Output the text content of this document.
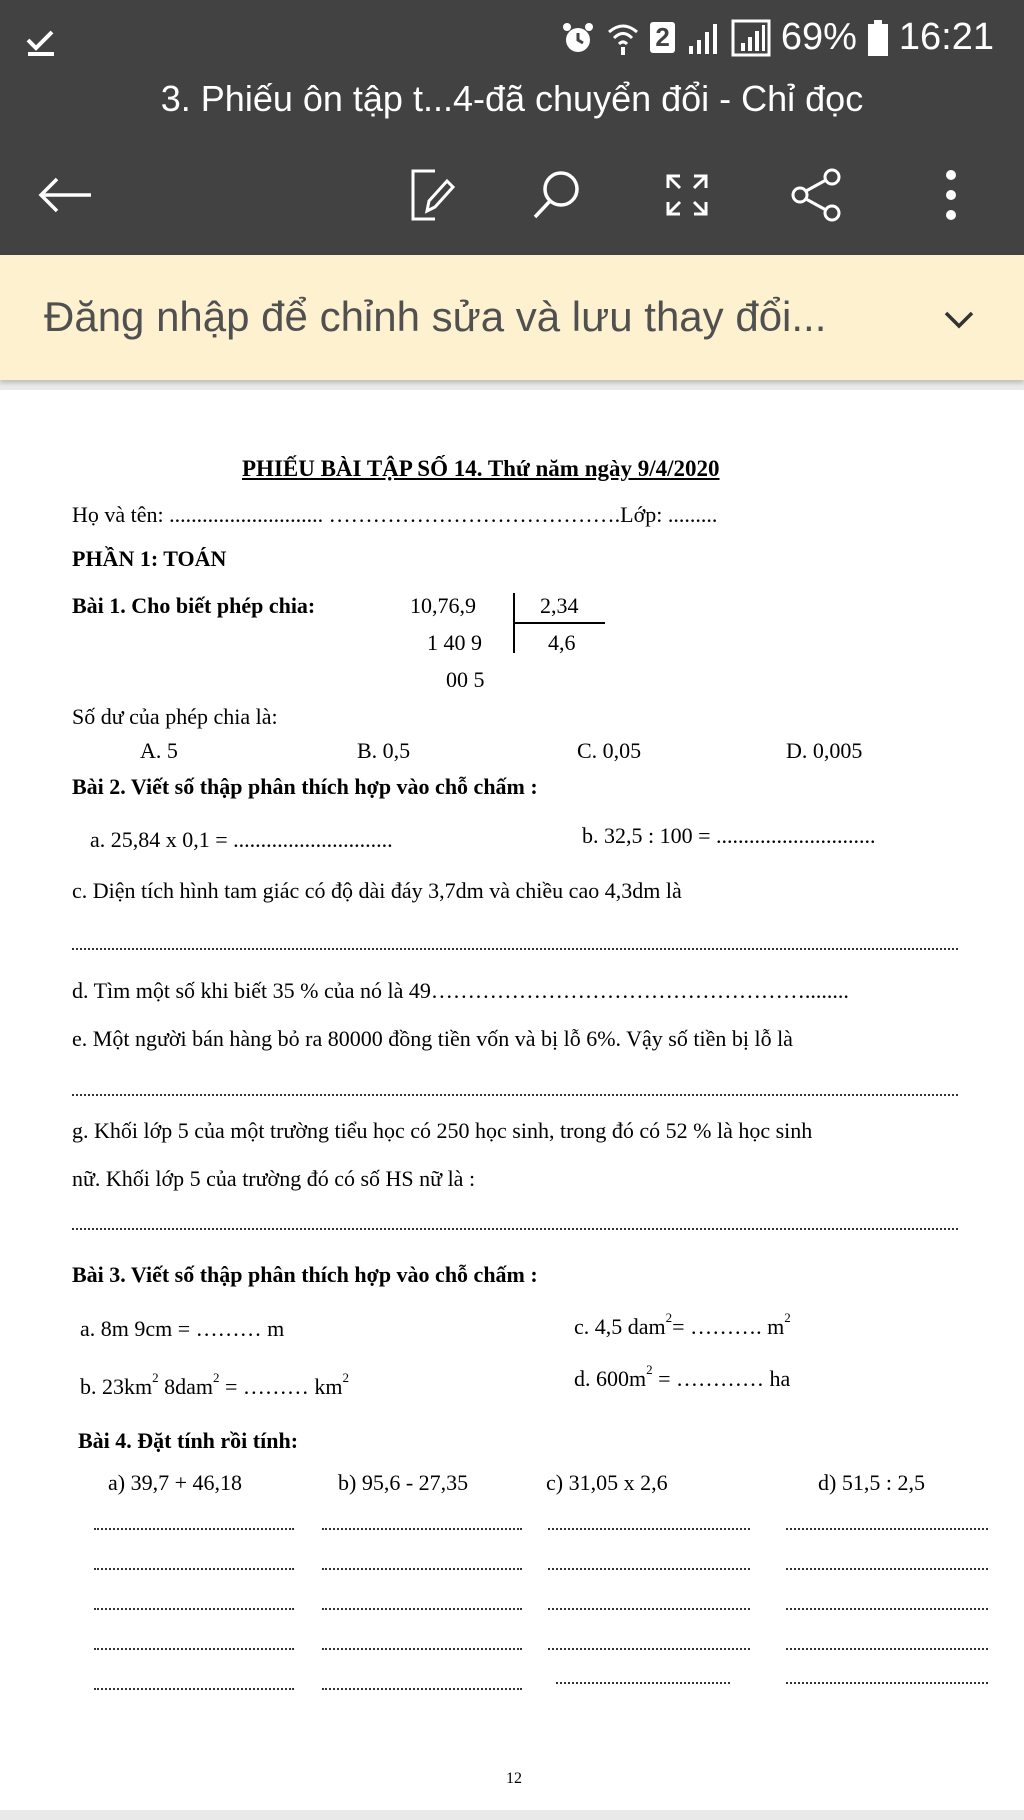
2	69% 16:21
3. Phiếu ôn tập t...4-đã chuyển đổi - Chỉ đọc
Đăng nhập để chỉnh sửa và lưu thay đổi...
PHIẾU BÀI TẬP SỐ 14. Thứ năm ngày 9/4/2020
Họ và tên: ............................ ………………………………….Lớp: .........
PHẦN 1: TOÁN
Bài 1. Cho biết phép chia:	10,76,9	2,34
1 40 9	4,6
00 5
Số dư của phép chia là:
A. 5	B. 0,5	C. 0,05	D. 0,005
Bài 2. Viết số thập phân thích hợp vào chỗ chấm :
a. 25,84 x 0,1 = .............................	b. 32,5 : 100 = .............................
c. Diện tích hình tam giác có độ dài đáy 3,7dm và chiều cao 4,3dm là
d. Tìm một số khi biết 35 % của nó là 49……………………………………………........
e. Một người bán hàng bỏ ra 80000 đồng tiền vốn và bị lỗ 6%. Vậy số tiền bị lỗ là
g. Khối lớp 5 của một trường tiểu học có 250 học sinh, trong đó có 52 % là học sinh
nữ. Khối lớp 5 của trường đó có số HS nữ là :
Bài 3. Viết số thập phân thích hợp vào chỗ chấm :
a. 8m 9cm = ……… m	c. 4,5 dam$^2$= ………. $m^2$
b. $23km^2$ 8dam$^2$ = ……… $km^2$	d. $600m^2$ = ………… ha
Bài 4. Đặt tính rồi tính:
a) 39,7 + 46,18	b) 95,6 - 27,35	c) 31,05 x 2,6	d) 51,5 : 2,5
12
